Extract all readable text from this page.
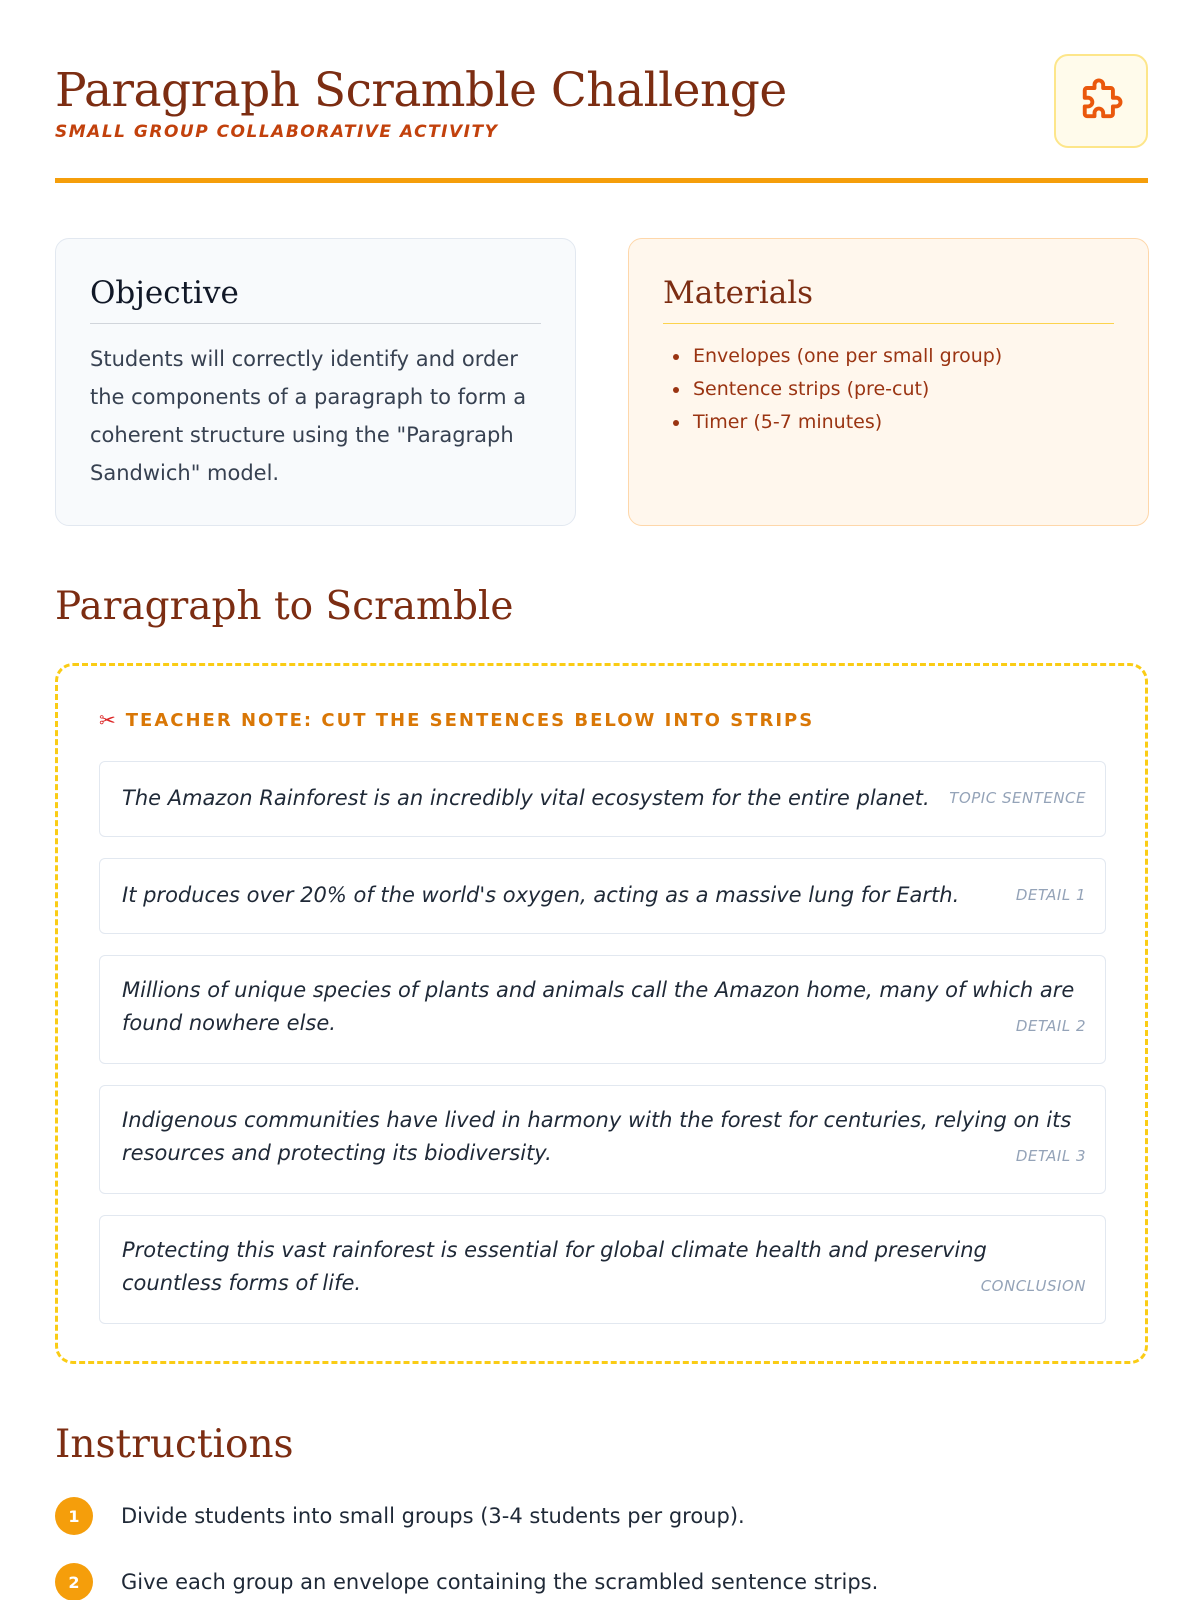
Paragraph Scramble Challenge
SMALL GROUP COLLABORATIVE ACTIVITY
Objective
Students will correctly identify and order the components of a paragraph to form a coherent structure using the "Paragraph Sandwich" model.
Materials
• Envelopes (one per small group)
• Sentence strips (pre-cut)
• Timer (5-7 minutes)
Paragraph to Scramble
✂ TEACHER NOTE: CUT THE SENTENCES BELOW INTO STRIPS
The Amazon Rainforest is an incredibly vital ecosystem for the entire planet. TOPIC SENTENCE
It produces over 20% of the world's oxygen, acting as a massive lung for Earth.	DETAIL 1
Millions of unique species of plants and animals call the Amazon home, many of which are found nowhere else.	DETAIL 2
Indigenous communities have lived in harmony with the forest for centuries, relying on its resources and protecting its biodiversity.	DETAIL 3
Protecting this vast rainforest is essential for global climate health and preserving countless forms of life.	CONCLUSION
Instructions
1	Divide students into small groups (3-4 students per group).
2	Give each group an envelope containing the scrambled sentence strips.
